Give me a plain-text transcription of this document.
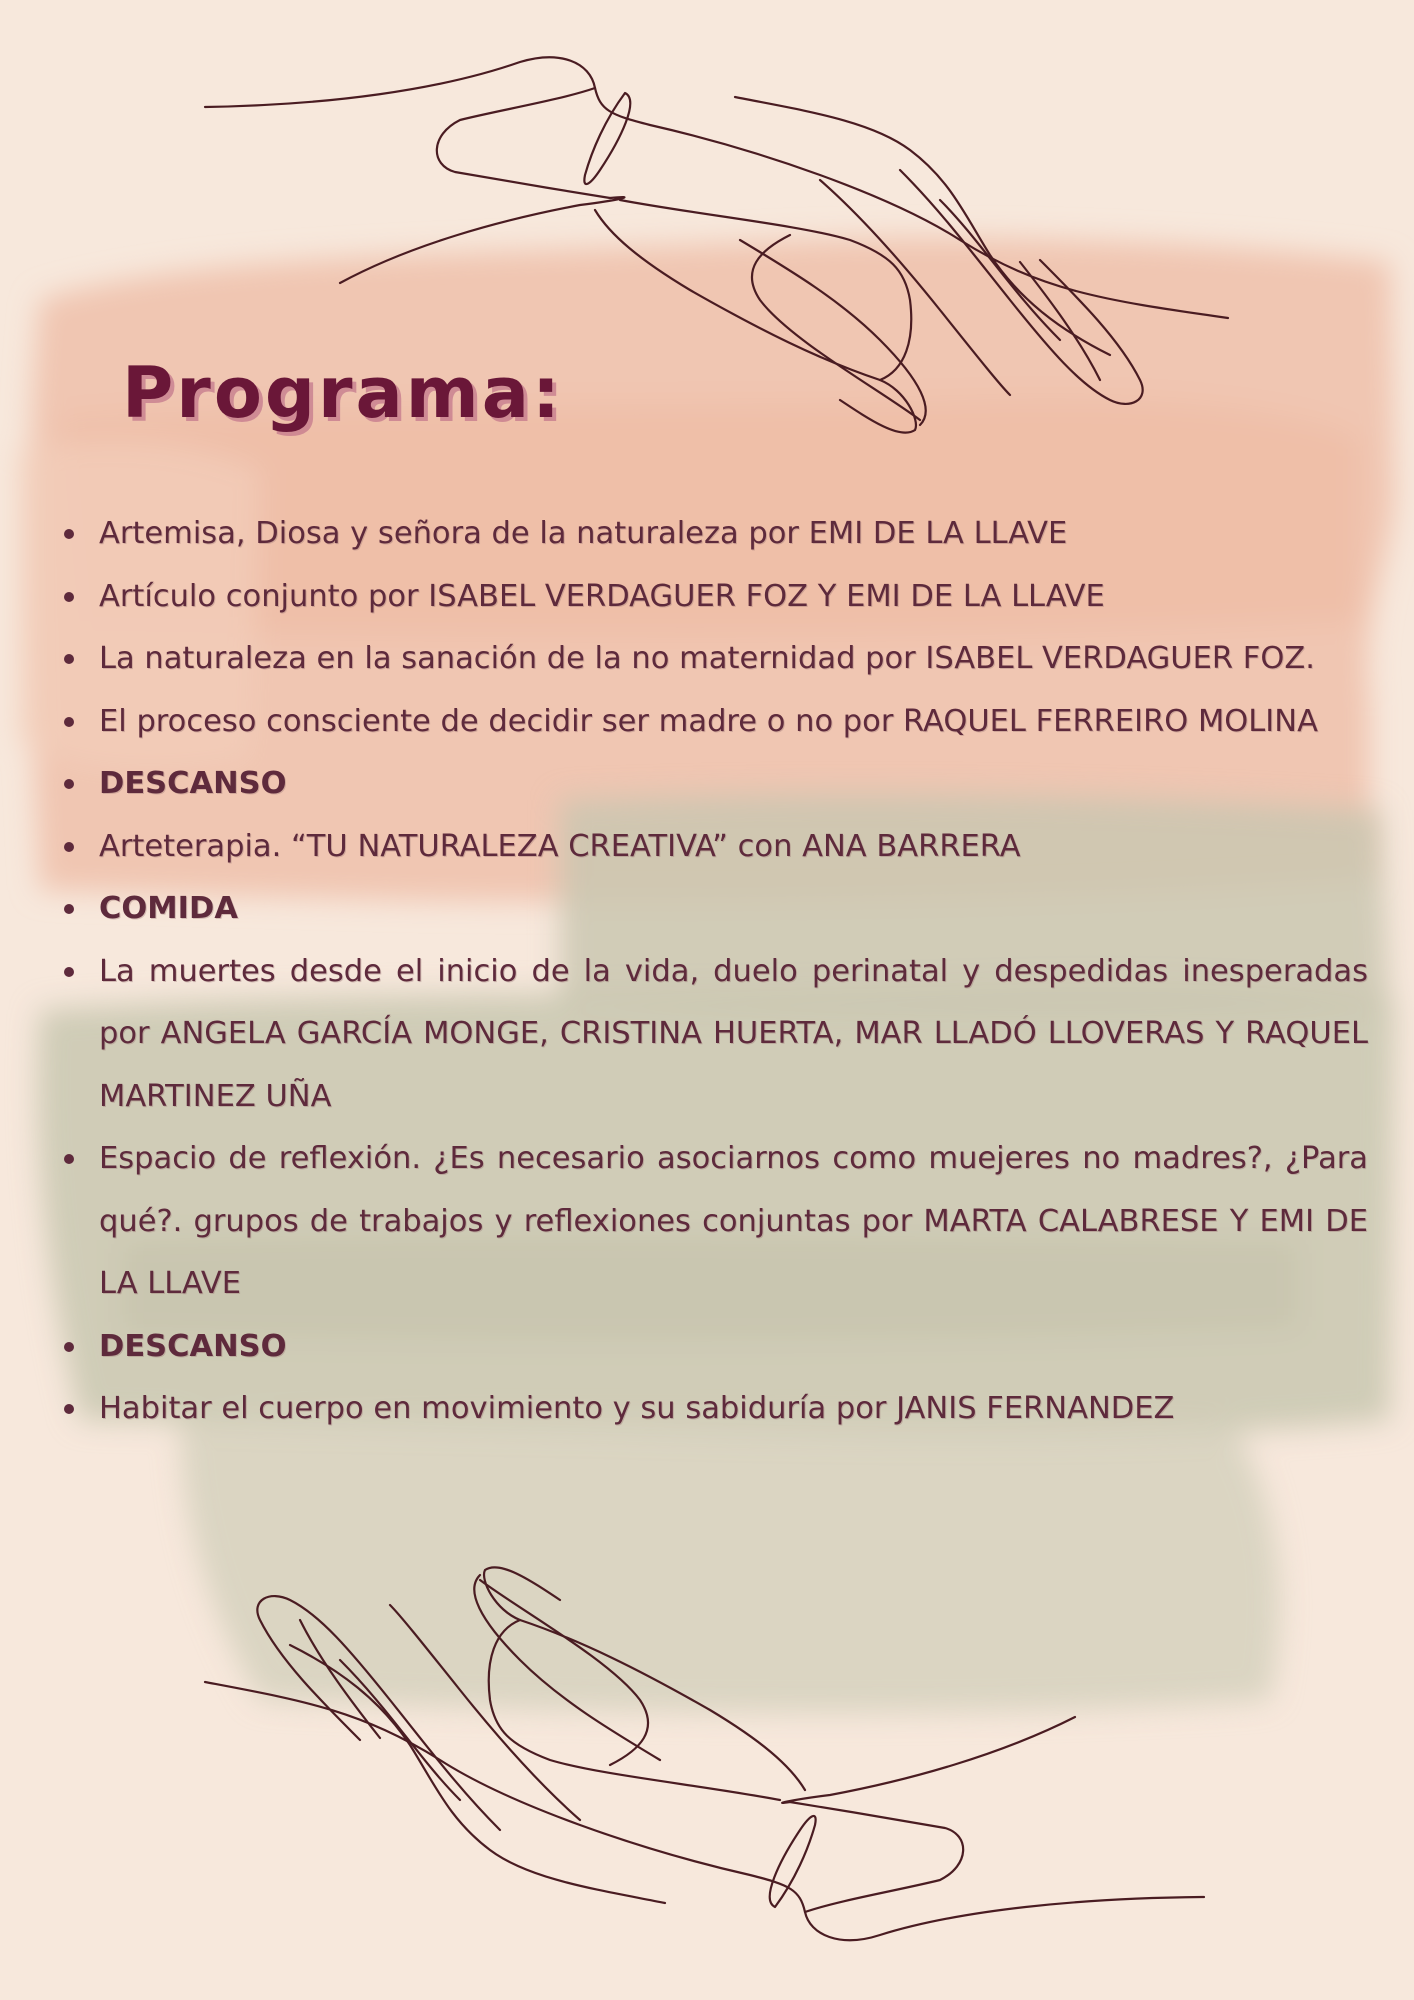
Programa:
Artemisa, Diosa y señora de la naturaleza por EMI DE LA LLAVE
Artículo conjunto por ISABEL VERDAGUER FOZ Y EMI DE LA LLAVE
La naturaleza en la sanación de la no maternidad por ISABEL VERDAGUER FOZ.
El proceso consciente de decidir ser madre o no por RAQUEL FERREIRO MOLINA
DESCANSO
Arteterapia. “TU NATURALEZA CREATIVA” con ANA BARRERA
COMIDA
La muertes desde el inicio de la vida, duelo perinatal y despedidas inesperadas por ANGELA GARCÍA MONGE, CRISTINA HUERTA, MAR LLADÓ LLOVERAS Y RAQUEL MARTINEZ UÑA
Espacio de reflexión. ¿Es necesario asociarnos como muejeres no madres?, ¿Para qué?. grupos de trabajos y reflexiones conjuntas por MARTA CALABRESE Y EMI DE LA LLAVE
DESCANSO
Habitar el cuerpo en movimiento y su sabiduría por JANIS FERNANDEZ
